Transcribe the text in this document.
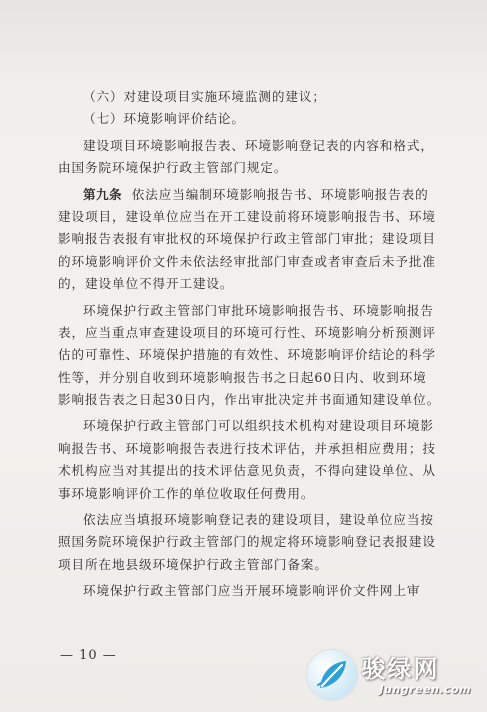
（六）对建设项目实施环境监测的建议；
（七）环境影响评价结论。
建设项目环境影响报告表、环境影响登记表的内容和格式，
由国务院环境保护行政主管部门规定。
第九条 依法应当编制环境影响报告书、环境影响报告表的
建设项目，建设单位应当在开工建设前将环境影响报告书、环境
影响报告表报有审批权的环境保护行政主管部门审批；建设项目
的环境影响评价文件未依法经审批部门审查或者审查后未予批准
的，建设单位不得开工建设。
环境保护行政主管部门审批环境影响报告书、环境影响报告
表，应当重点审查建设项目的环境可行性、环境影响分析预测评
估的可靠性、环境保护措施的有效性、环境影响评价结论的科学
性等，并分别自收到环境影响报告书之日起60日内、收到环境
影响报告表之日起30日内，作出审批决定并书面通知建设单位。
环境保护行政主管部门可以组织技术机构对建设项目环境影
响报告书、环境影响报告表进行技术评估，并承担相应费用；技
术机构应当对其提出的技术评估意见负责，不得向建设单位、从
事环境影响评价工作的单位收取任何费用。
依法应当填报环境影响登记表的建设项目，建设单位应当按
照国务院环境保护行政主管部门的规定将环境影响登记表报建设
项目所在地县级环境保护行政主管部门备案。
环境保护行政主管部门应当开展环境影响评价文件网上审
— 10 —	骏绿网
Jungreen.com
